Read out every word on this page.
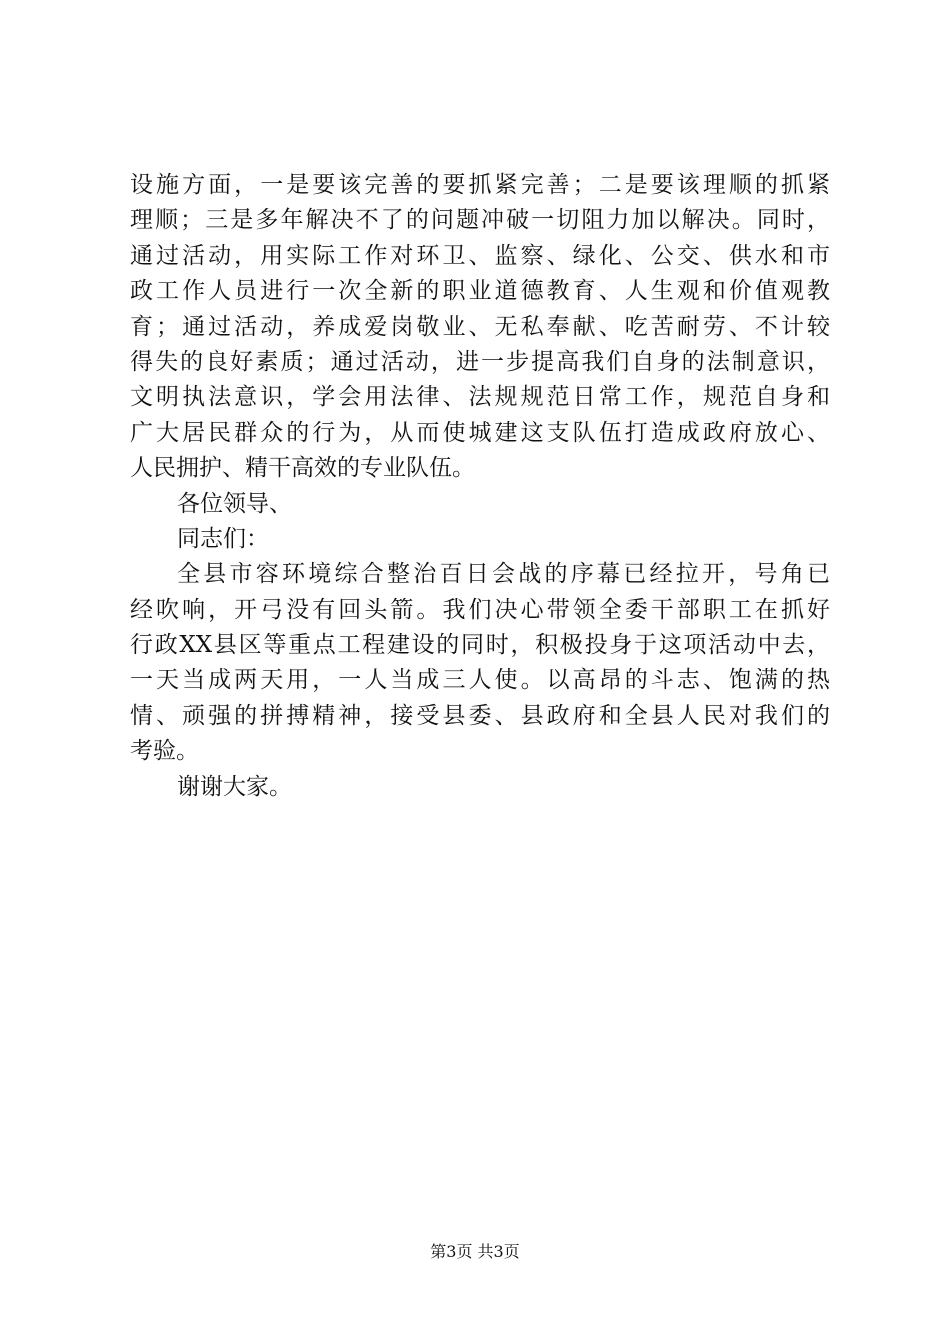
设施方面，一是要该完善的要抓紧完善；二是要该理顺的抓紧
理顺；三是多年解决不了的问题冲破一切阻力加以解决。同时，
通过活动，用实际工作对环卫、监察、绿化、公交、供水和市
政工作人员进行一次全新的职业道德教育、人生观和价值观教
育；通过活动，养成爱岗敬业、无私奉献、吃苦耐劳、不计较
得失的良好素质；通过活动，进一步提高我们自身的法制意识，
文明执法意识，学会用法律、法规规范日常工作，规范自身和
广大居民群众的行为，从而使城建这支队伍打造成政府放心、
人民拥护、精干高效的专业队伍。
各位领导、
同志们：
全县市容环境综合整治百日会战的序幕已经拉开，号角已
经吹响，开弓没有回头箭。我们决心带领全委干部职工在抓好
行政XX县区等重点工程建设的同时，积极投身于这项活动中去，
一天当成两天用，一人当成三人使。以高昂的斗志、饱满的热
情、顽强的拼搏精神，接受县委、县政府和全县人民对我们的
考验。
谢谢大家。
第3页 共3页
